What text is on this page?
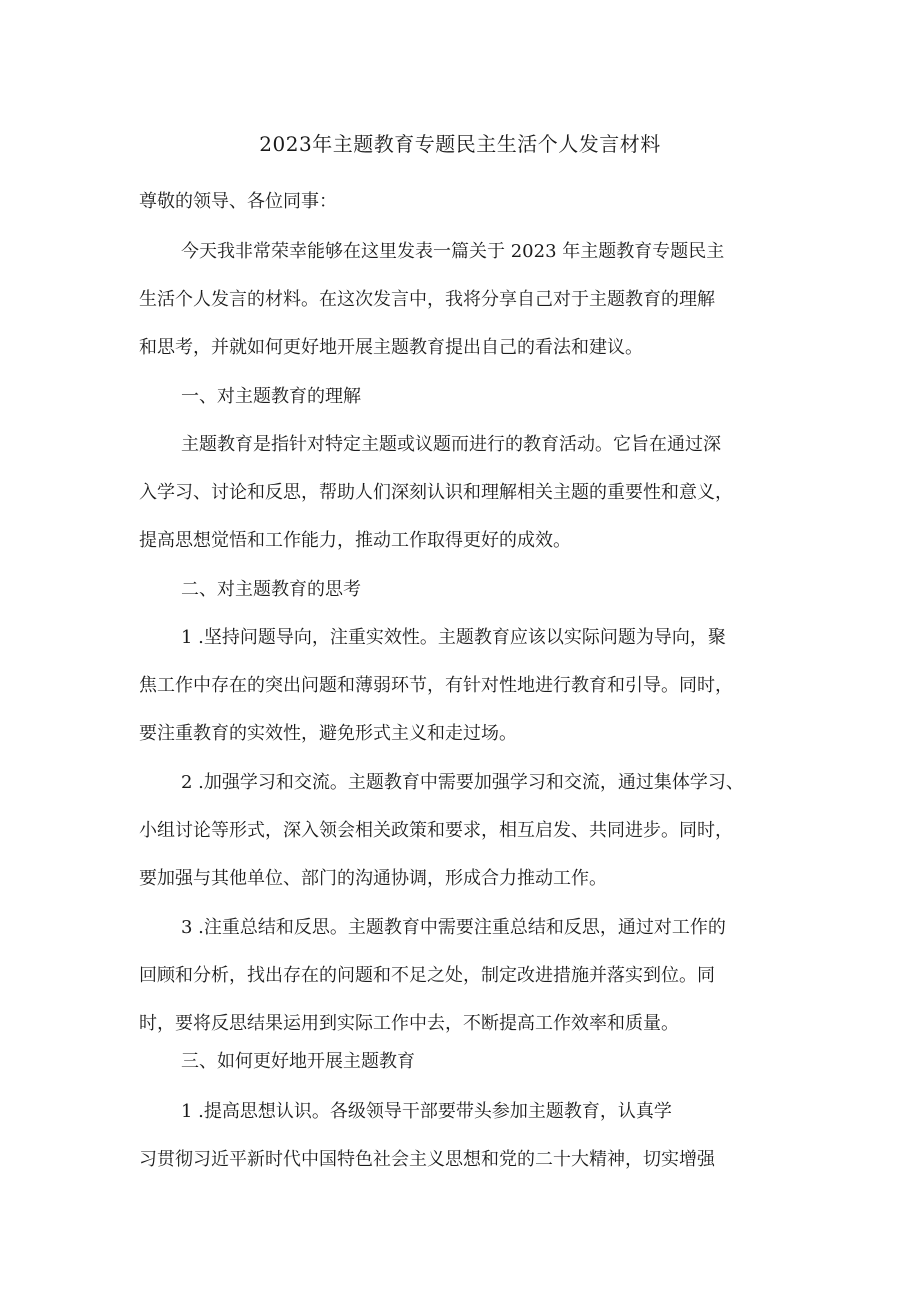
2023年主题教育专题民主生活个人发言材料
尊敬的领导、各位同事：
今天我非常荣幸能够在这里发表一篇关于 2023 年主题教育专题民主
生活个人发言的材料。在这次发言中，我将分享自己对于主题教育的理解
和思考，并就如何更好地开展主题教育提出自己的看法和建议。
一、对主题教育的理解
主题教育是指针对特定主题或议题而进行的教育活动。它旨在通过深
入学习、讨论和反思，帮助人们深刻认识和理解相关主题的重要性和意义，
提高思想觉悟和工作能力，推动工作取得更好的成效。
二、对主题教育的思考
1 .坚持问题导向，注重实效性。主题教育应该以实际问题为导向，聚
焦工作中存在的突出问题和薄弱环节，有针对性地进行教育和引导。同时，
要注重教育的实效性，避免形式主义和走过场。
2 .加强学习和交流。主题教育中需要加强学习和交流，通过集体学习、
小组讨论等形式，深入领会相关政策和要求，相互启发、共同进步。同时，
要加强与其他单位、部门的沟通协调，形成合力推动工作。
3 .注重总结和反思。主题教育中需要注重总结和反思，通过对工作的
回顾和分析，找出存在的问题和不足之处，制定改进措施并落实到位。同
时，要将反思结果运用到实际工作中去，不断提高工作效率和质量。
三、如何更好地开展主题教育
1 .提高思想认识。各级领导干部要带头参加主题教育，认真学
习贯彻习近平新时代中国特色社会主义思想和党的二十大精神，切实增强
